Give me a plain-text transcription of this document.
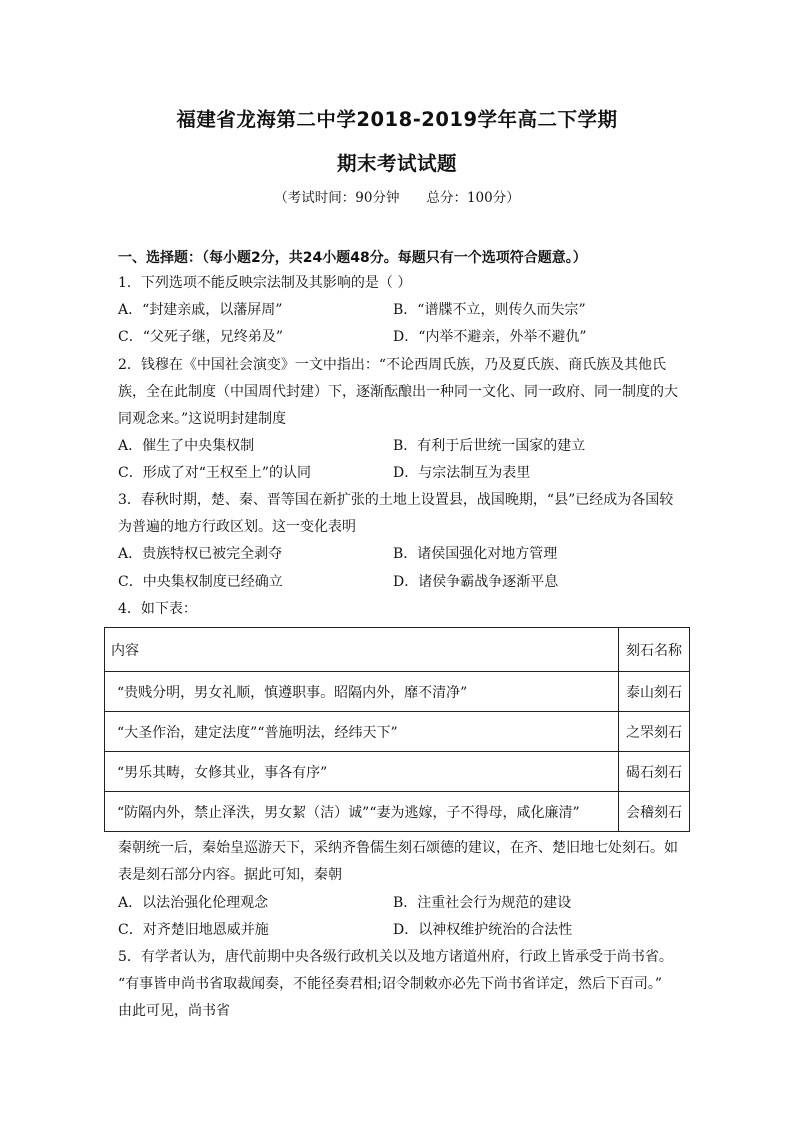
福建省龙海第二中学2018-2019学年高二下学期
期末考试试题
（考试时间：90分钟　　总分：100分）
一、选择题：（每小题2分，共24小题48分。每题只有一个选项符合题意。）
1．下列选项不能反映宗法制及其影响的是（ ）
A．“封建亲戚，以藩屏周”	B．“谱牒不立，则传久而失宗”
C．“父死子继，兄终弟及”	D．“内举不避亲，外举不避仇”
2．钱穆在《中国社会演变》一文中指出：“不论西周氏族，乃及夏氏族、商氏族及其他氏
族，全在此制度（中国周代封建）下，逐渐酝酿出一种同一文化、同一政府、同一制度的大
同观念来。”这说明封建制度
A．催生了中央集权制	B．有利于后世统一国家的建立
C．形成了对“王权至上”的认同	D．与宗法制互为表里
3．春秋时期，楚、秦、晋等国在新扩张的土地上设置县，战国晚期，“县”已经成为各国较
为普遍的地方行政区划。这一变化表明
A．贵族特权已被完全剥夺	B．诸侯国强化对地方管理
C．中央集权制度已经确立	D．诸侯争霸战争逐渐平息
4．如下表：
内容	刻石名称
“贵贱分明，男女礼顺，慎遵职事。昭隔内外，靡不清净”	泰山刻石
“大圣作治，建定法度”“普施明法，经纬天下”	之罘刻石
“男乐其畴，女修其业，事各有序”	碣石刻石
“防隔内外，禁止泽泆，男女絜（洁）诚”“妻为逃嫁，子不得母，咸化廉清”	会稽刻石
秦朝统一后，秦始皇巡游天下，采纳齐鲁儒生刻石颂德的建议，在齐、楚旧地七处刻石。如
表是刻石部分内容。据此可知，秦朝
A．以法治强化伦理观念	B．注重社会行为规范的建设
C．对齐楚旧地恩威并施	D．以神权维护统治的合法性
5．有学者认为，唐代前期中央各级行政机关以及地方诸道州府，行政上皆承受于尚书省。
“有事皆申尚书省取裁闻奏，不能径奏君相;诏令制敕亦必先下尚书省详定，然后下百司。”
由此可见，尚书省
